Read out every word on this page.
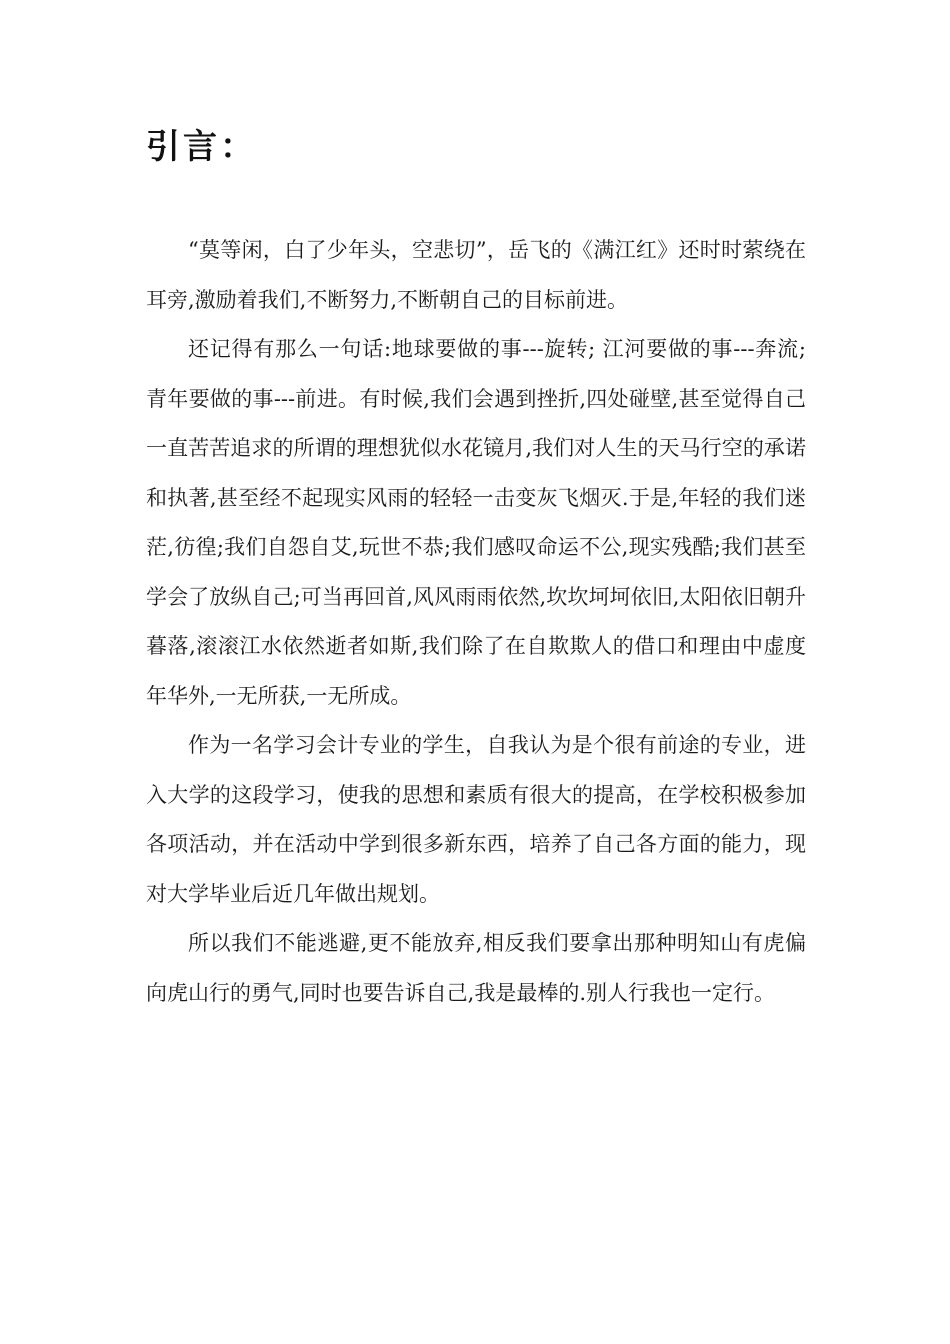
引言：

“莫等闲，白了少年头，空悲切”，岳飞的《满江红》还时时萦绕在耳旁,激励着我们,不断努力,不断朝自己的目标前进。

还记得有那么一句话:地球要做的事---旋转; 江河要做的事---奔流; 青年要做的事---前进。有时候,我们会遇到挫折,四处碰壁,甚至觉得自己一直苦苦追求的所谓的理想犹似水花镜月,我们对人生的天马行空的承诺和执著,甚至经不起现实风雨的轻轻一击变灰飞烟灭.于是,年轻的我们迷茫,彷徨;我们自怨自艾,玩世不恭;我们感叹命运不公,现实残酷;我们甚至学会了放纵自己;可当再回首,风风雨雨依然,坎坎坷坷依旧,太阳依旧朝升暮落,滚滚江水依然逝者如斯,我们除了在自欺欺人的借口和理由中虚度年华外,一无所获,一无所成。

作为一名学习会计专业的学生，自我认为是个很有前途的专业，进入大学的这段学习，使我的思想和素质有很大的提高，在学校积极参加各项活动，并在活动中学到很多新东西，培养了自己各方面的能力，现对大学毕业后近几年做出规划。

所以我们不能逃避,更不能放弃,相反我们要拿出那种明知山有虎偏向虎山行的勇气,同时也要告诉自己,我是最棒的.别人行我也一定行。
